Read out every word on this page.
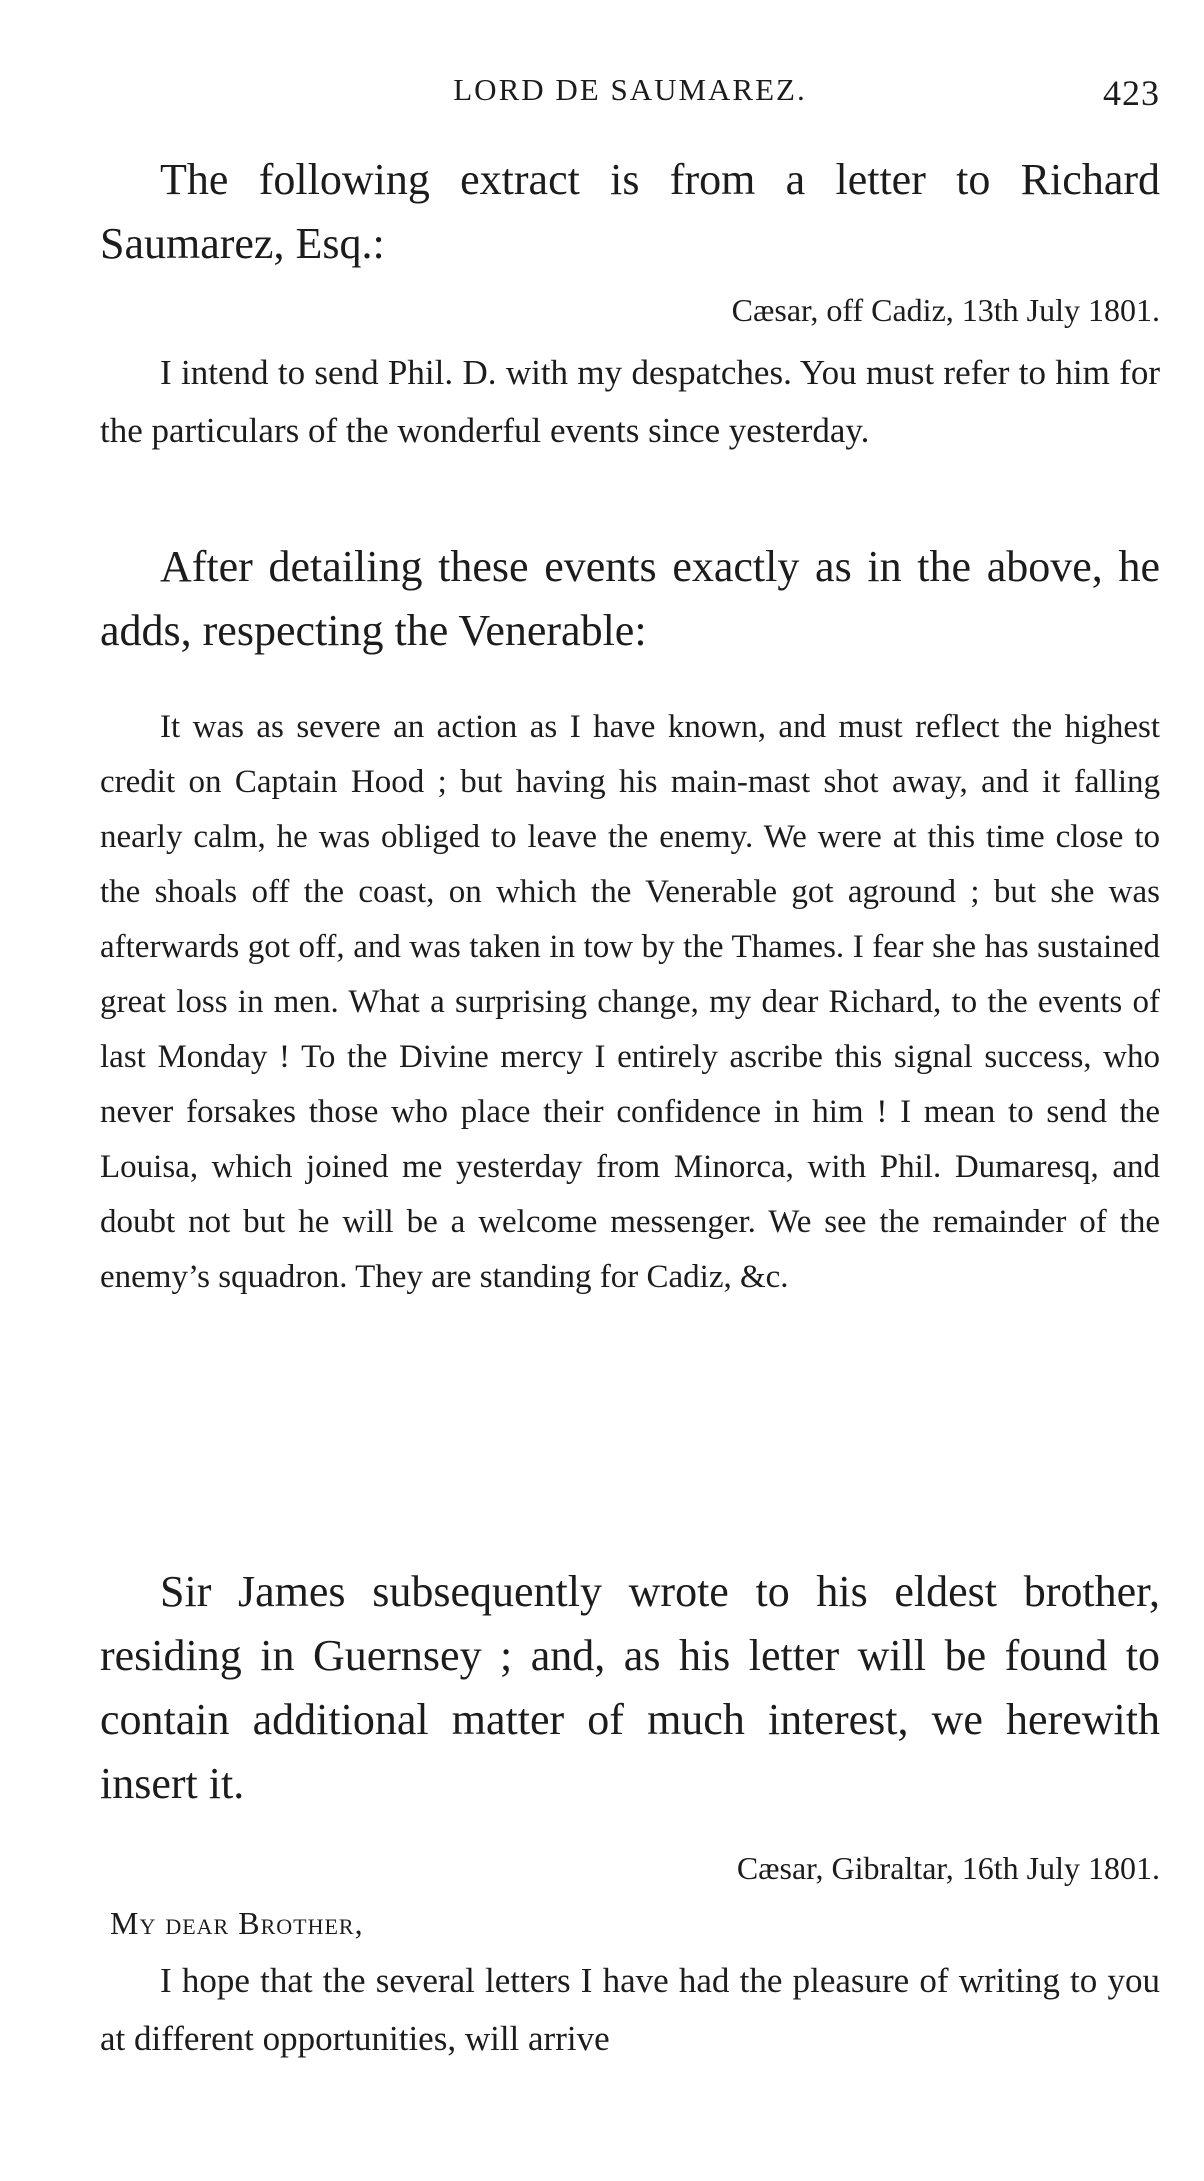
LORD DE SAUMAREZ.	423

The following extract is from a letter to Richard Saumarez, Esq.:

Cæsar, off Cadiz, 13th July 1801.

I intend to send Phil. D. with my despatches. You must refer to him for the particulars of the wonderful events since yesterday.

After detailing these events exactly as in the above, he adds, respecting the Venerable:

It was as severe an action as I have known, and must reflect the highest credit on Captain Hood ; but having his main-mast shot away, and it falling nearly calm, he was obliged to leave the enemy. We were at this time close to the shoals off the coast, on which the Venerable got aground ; but she was afterwards got off, and was taken in tow by the Thames. I fear she has sustained great loss in men. What a surprising change, my dear Richard, to the events of last Monday ! To the Divine mercy I entirely ascribe this signal success, who never forsakes those who place their confidence in him ! I mean to send the Louisa, which joined me yesterday from Minorca, with Phil. Dumaresq, and doubt not but he will be a welcome messenger. We see the remainder of the enemy’s squadron. They are standing for Cadiz, &c.

Sir James subsequently wrote to his eldest brother, residing in Guernsey ; and, as his letter will be found to contain additional matter of much interest, we herewith insert it.

Cæsar, Gibraltar, 16th July 1801.
My dear Brother,

I hope that the several letters I have had the pleasure of writing to you at different opportunities, will arrive
